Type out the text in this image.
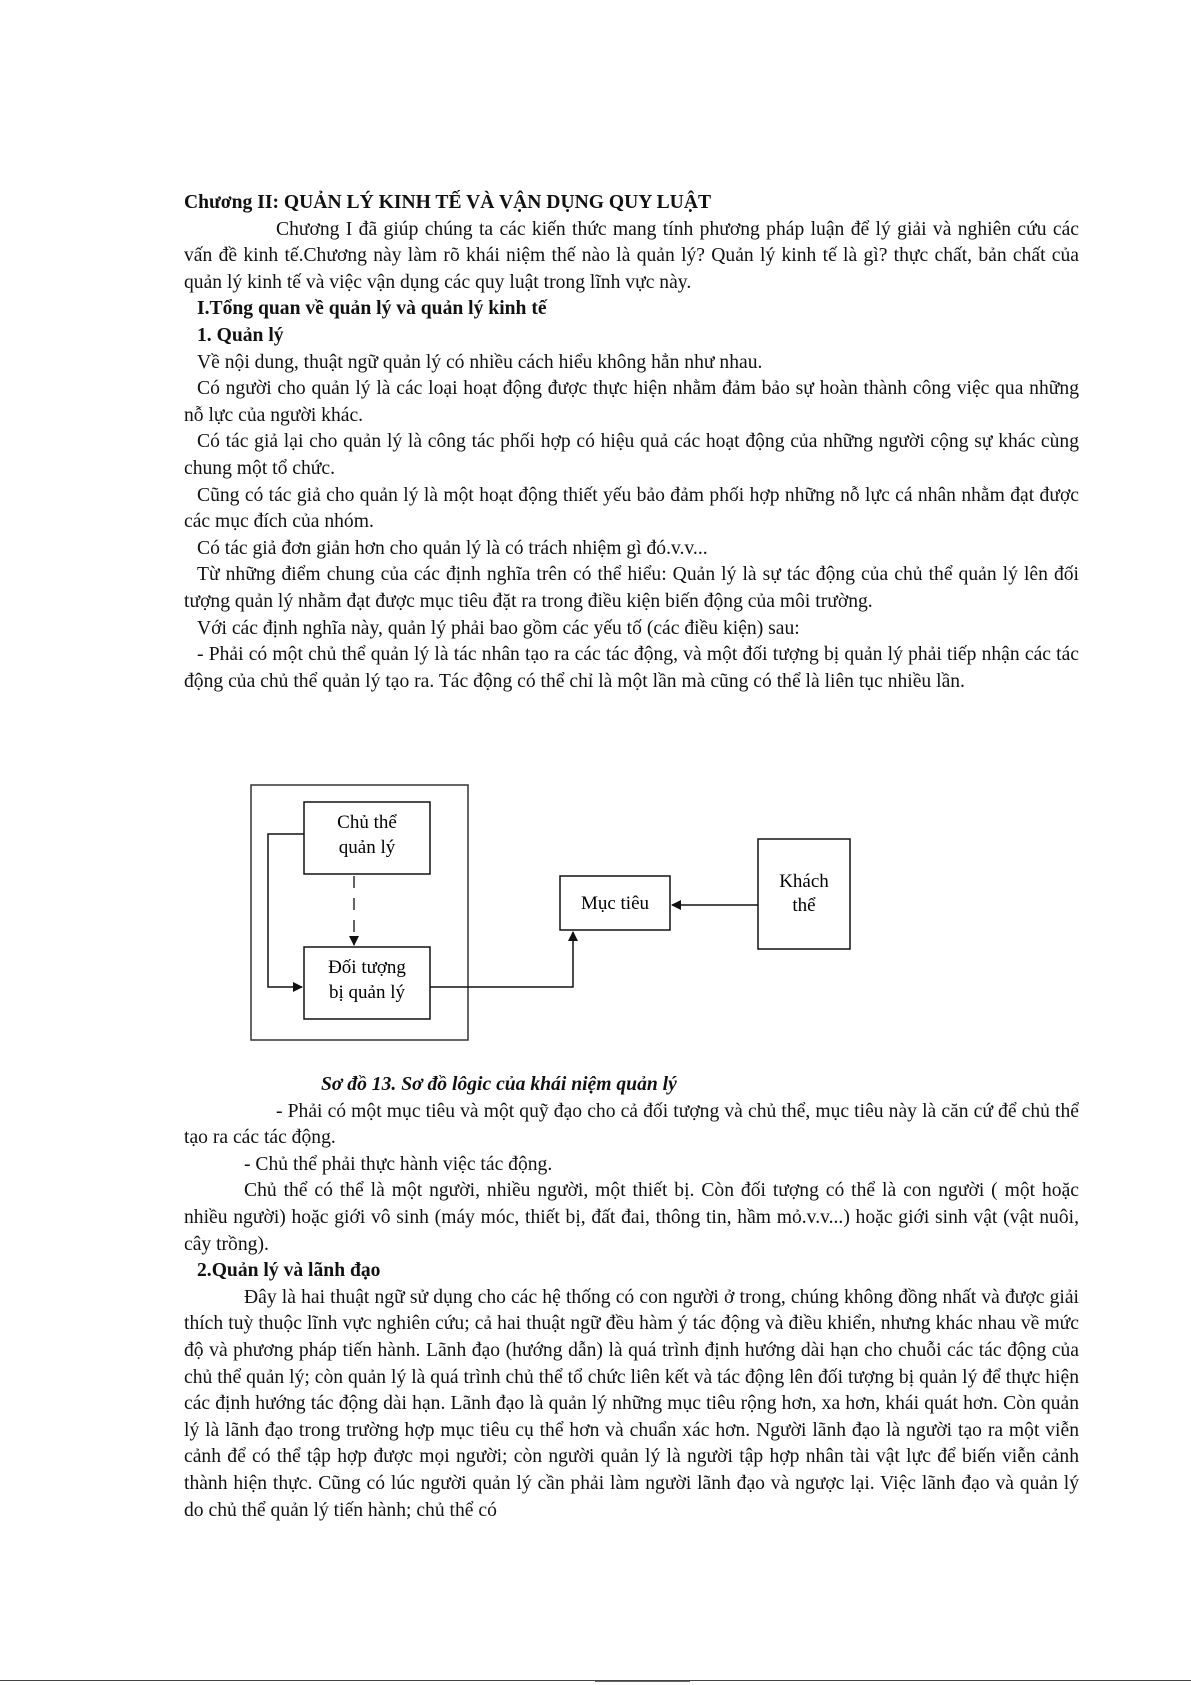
Chương II: QUẢN LÝ KINH TẾ VÀ VẬN DỤNG QUY LUẬT

Chương I đã giúp chúng ta các kiến thức mang tính phương pháp luận để lý giải và nghiên cứu các vấn đề kinh tế.Chương này làm rõ khái niệm thế nào là quản lý? Quản lý kinh tế là gì? thực chất, bản chất của quản lý kinh tế và việc vận dụng các quy luật trong lĩnh vực này.

I.Tổng quan về quản lý và quản lý kinh tế

1. Quản lý

Về nội dung, thuật ngữ quản lý có nhiều cách hiểu không hẳn như nhau.

Có người cho quản lý là các loại hoạt động được thực hiện nhằm đảm bảo sự hoàn thành công việc qua những nỗ lực của người khác.

Có tác giả lại cho quản lý là công tác phối hợp có hiệu quả các hoạt động của những người cộng sự khác cùng chung một tổ chức.

Cũng có tác giả cho quản lý là một hoạt động thiết yếu bảo đảm phối hợp những nỗ lực cá nhân nhằm đạt được các mục đích của nhóm.

Có tác giả đơn giản hơn cho quản lý là có trách nhiệm gì đó.v.v...

Từ những điểm chung của các định nghĩa trên có thể hiểu: Quản lý là sự tác động của chủ thể quản lý lên đối tượng quản lý nhằm đạt được mục tiêu đặt ra trong điều kiện biến động của môi trường.

Với các định nghĩa này, quản lý phải bao gồm các yếu tố (các điều kiện) sau:

- Phải có một chủ thể quản lý là tác nhân tạo ra các tác động, và một đối tượng bị quản lý phải tiếp nhận các tác động của chủ thể quản lý tạo ra. Tác động có thể chỉ là một lần mà cũng có thể là liên tục nhiều lần.

Chủ thể
quản lý
Đối tượng
bị quản lý
Mục tiêu
Khách
thể

Sơ đồ 13. Sơ đồ lôgic của khái niệm quản lý

- Phải có một mục tiêu và một quỹ đạo cho cả đối tượng và chủ thể, mục tiêu này là căn cứ để chủ thể tạo ra các tác động.

- Chủ thể phải thực hành việc tác động.

Chủ thể có thể là một người, nhiều người, một thiết bị. Còn đối tượng có thể là con người ( một hoặc nhiều người) hoặc giới vô sinh (máy móc, thiết bị, đất đai, thông tin, hầm mỏ.v.v...) hoặc giới sinh vật (vật nuôi, cây trồng).

2.Quản lý và lãnh đạo

Đây là hai thuật ngữ sử dụng cho các hệ thống có con người ở trong, chúng không đồng nhất và được giải thích tuỳ thuộc lĩnh vực nghiên cứu; cả hai thuật ngữ đều hàm ý tác động và điều khiển, nhưng khác nhau về mức độ và phương pháp tiến hành. Lãnh đạo (hướng dẫn) là quá trình định hướng dài hạn cho chuỗi các tác động của chủ thể quản lý; còn quản lý là quá trình chủ thể tổ chức liên kết và tác động lên đối tượng bị quản lý để thực hiện các định hướng tác động dài hạn. Lãnh đạo là quản lý những mục tiêu rộng hơn, xa hơn, khái quát hơn. Còn quản lý là lãnh đạo trong trường hợp mục tiêu cụ thể hơn và chuẩn xác hơn. Người lãnh đạo là người tạo ra một viễn cảnh để có thể tập hợp được mọi người; còn người quản lý là người tập hợp nhân tài vật lực để biến viễn cảnh thành hiện thực. Cũng có lúc người quản lý cần phải làm người lãnh đạo và ngược lại. Việc lãnh đạo và quản lý do chủ thể quản lý tiến hành; chủ thể có
